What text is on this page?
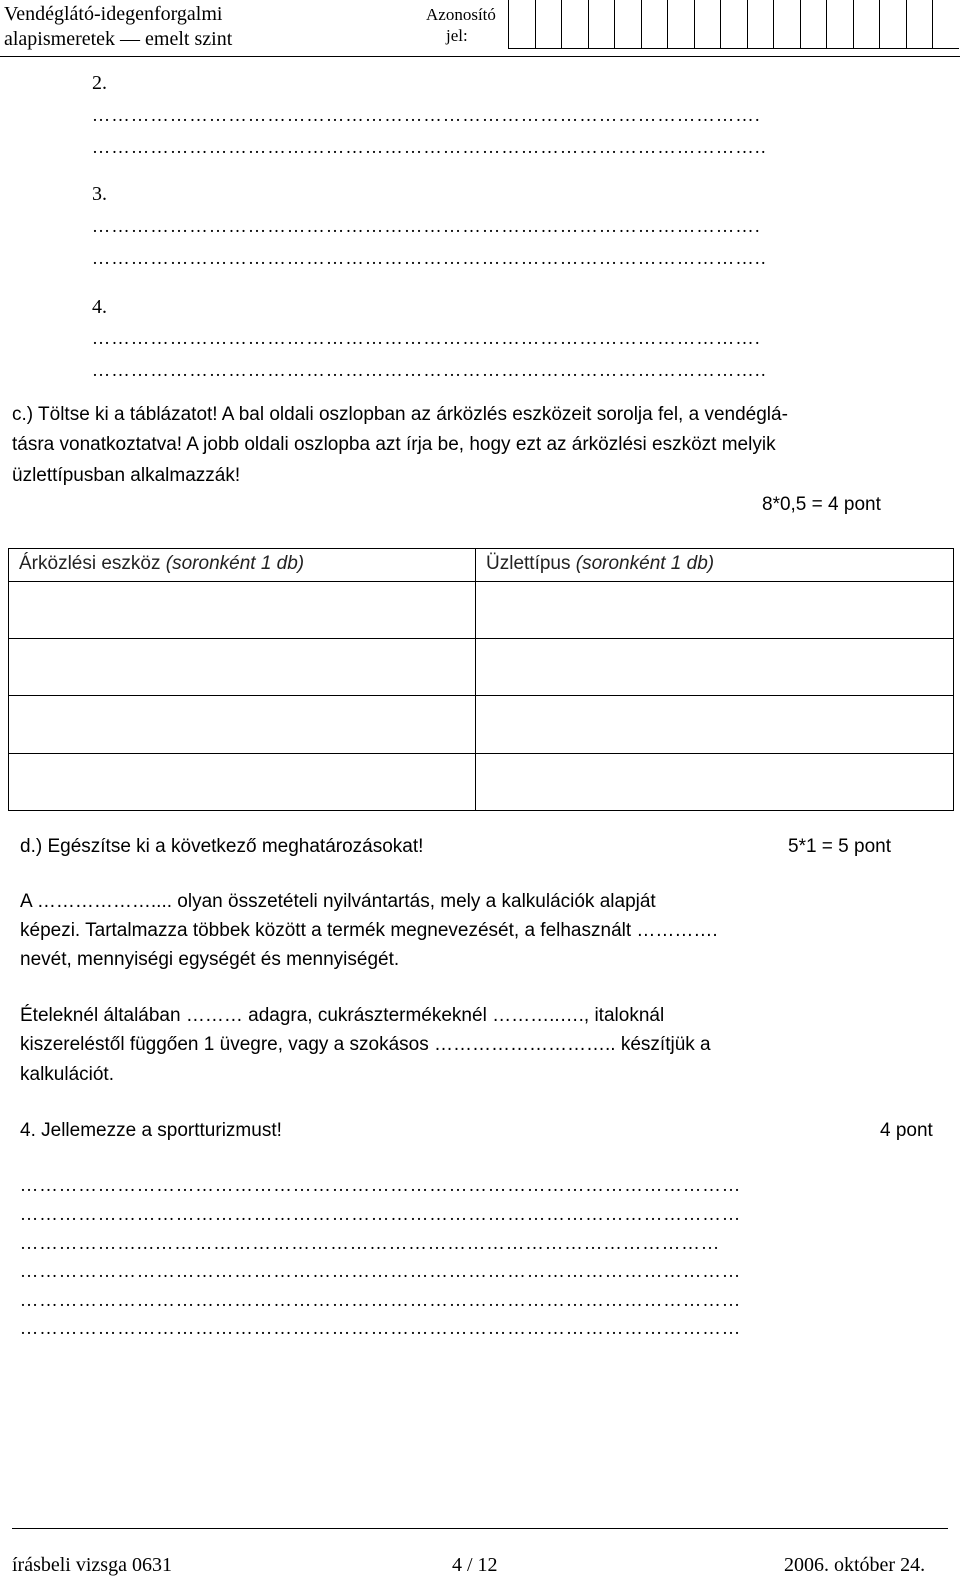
Vendéglátó-idegenforgalmi
alapismeretek — emelt szint
Azonosító
jel:
2.
………………………………………………………………………………………….
…………………………………………………………………………………………..
3.
………………………………………………………………………………………….
…………………………………………………………………………………………..
4.
………………………………………………………………………………………….
…………………………………………………………………………………………..
c.) Töltse ki a táblázatot! A bal oldali oszlopban az árközlés eszközeit sorolja fel, a vendéglá-
tásra vonatkoztatva! A jobb oldali oszlopba azt írja be, hogy ezt az árközlési eszközt melyik
üzlettípusban alkalmazzák!
8*0,5 = 4 pont
Árközlési eszköz (soronként 1 db)	Üzlettípus (soronként 1 db)

d.) Egészítse ki a következő meghatározásokat!	5*1 = 5 pont
A ……………….... olyan összetételi nyilvántartás, mely a kalkulációk alapját
képezi. Tartalmazza többek között a termék megnevezését, a felhasznált ………….
nevét, mennyiségi egységét és mennyiségét.
Ételeknél általában ……… adagra, cukrásztermékeknél ………..…., italoknál
kiszereléstől függően 1 üvegre, vagy a szokásos ……………………….. készítjük a
kalkulációt.
4. Jellemezze a sportturizmust!	4 pont
…………………………………………………………………………………………………
…………………………………………………………………………………………………
………………...……………………………………………………………………………
…………………………………………………………………………………………………
…………………………………………………………………………………………………
…………………………………………………………………………………………………
írásbeli vizsga 0631	4 / 12	2006. október 24.
